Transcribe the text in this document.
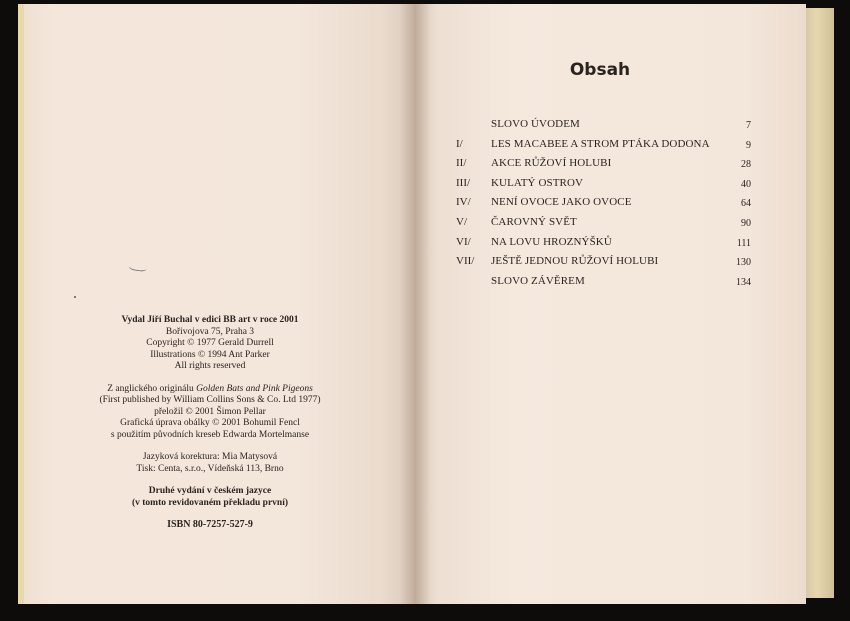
Vydal Jiří Buchal v edici BB art v roce 2001
Bořivojova 75, Praha 3
Copyright © 1977 Gerald Durrell
Illustrations © 1994 Ant Parker
All rights reserved
Z anglického originálu Golden Bats and Pink Pigeons
(First published by William Collins Sons & Co. Ltd 1977)
přeložil © 2001 Šimon Pellar
Grafická úprava obálky © 2001 Bohumil Fencl
s použitím původních kreseb Edwarda Mortelmanse
Jazyková korektura: Mia Matysová
Tisk: Centa, s.r.o., Vídeňská 113, Brno
Druhé vydání v českém jazyce
(v tomto revidovaném překladu první)
ISBN 80-7257-527-9
Obsah
SLOVO ÚVODEM	7
I/	LES MACABEE A STROM PTÁKA DODONA	9
II/ AKCE RŮŽOVÍ HOLUBI	28
III/ KULATÝ OSTROV	40
IV/ NENÍ OVOCE JAKO OVOCE	64
V/ ČAROVNÝ SVĚT	90
VI/ NA LOVU HROZNÝŠKŮ	111
VII/ JEŠTĚ JEDNOU RŮŽOVÍ HOLUBI	130
SLOVO ZÁVĚREM	134
